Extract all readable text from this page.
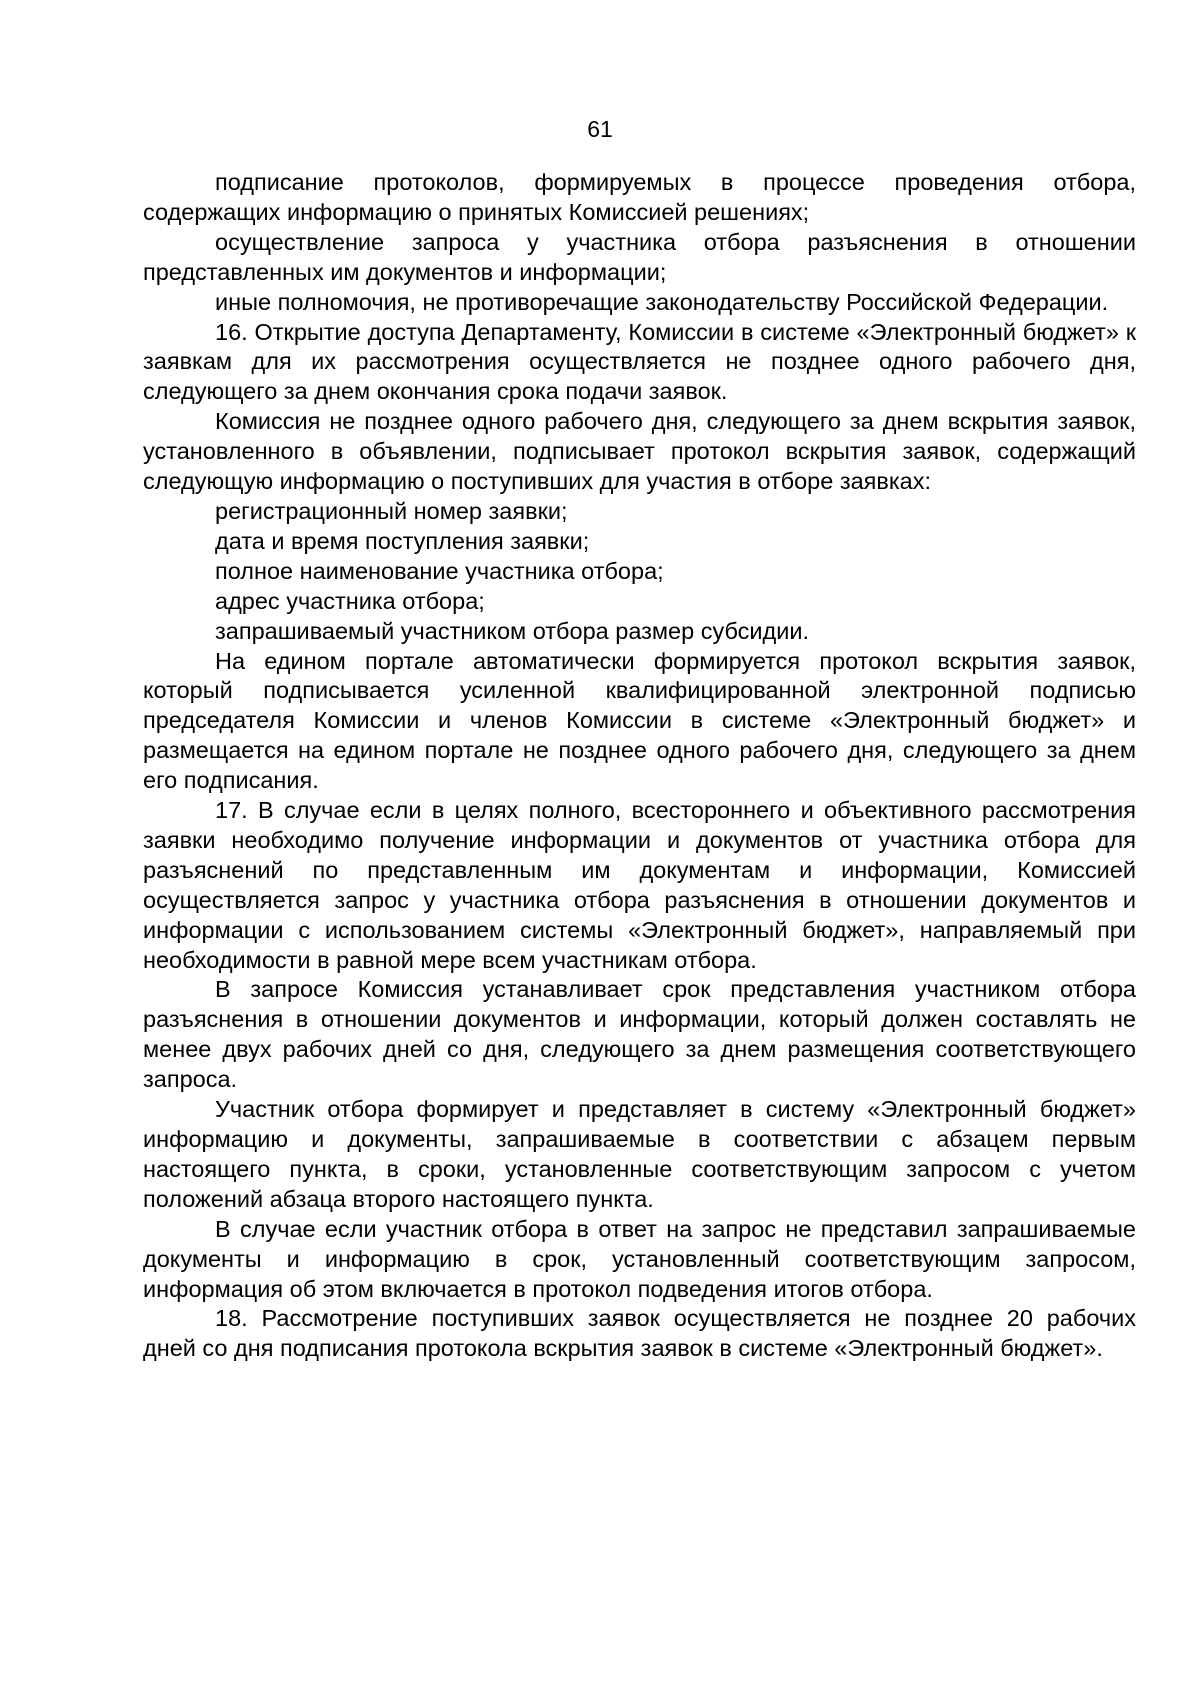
61

подписание протоколов, формируемых в процессе проведения отбора, содержащих информацию о принятых Комиссией решениях;

осуществление запроса у участника отбора разъяснения в отношении представленных им документов и информации;

иные полномочия, не противоречащие законодательству Российской Федерации.

16. Открытие доступа Департаменту, Комиссии в системе «Электронный бюджет» к заявкам для их рассмотрения осуществляется не позднее одного рабочего дня, следующего за днем окончания срока подачи заявок.

Комиссия не позднее одного рабочего дня, следующего за днем вскрытия заявок, установленного в объявлении, подписывает протокол вскрытия заявок, содержащий следующую информацию о поступивших для участия в отборе заявках:

регистрационный номер заявки;

дата и время поступления заявки;

полное наименование участника отбора;

адрес участника отбора;

запрашиваемый участником отбора размер субсидии.

На едином портале автоматически формируется протокол вскрытия заявок, который подписывается усиленной квалифицированной электронной подписью председателя Комиссии и членов Комиссии в системе «Электронный бюджет» и размещается на едином портале не позднее одного рабочего дня, следующего за днем его подписания.

17. В случае если в целях полного, всестороннего и объективного рассмотрения заявки необходимо получение информации и документов от участника отбора для разъяснений по представленным им документам и информации, Комиссией осуществляется запрос у участника отбора разъяснения в отношении документов и информации с использованием системы «Электронный бюджет», направляемый при необходимости в равной мере всем участникам отбора.

В запросе Комиссия устанавливает срок представления участником отбора разъяснения в отношении документов и информации, который должен составлять не менее двух рабочих дней со дня, следующего за днем размещения соответствующего запроса.

Участник отбора формирует и представляет в систему «Электронный бюджет» информацию и документы, запрашиваемые в соответствии с абзацем первым настоящего пункта, в сроки, установленные соответствующим запросом с учетом положений абзаца второго настоящего пункта.

В случае если участник отбора в ответ на запрос не представил запрашиваемые документы и информацию в срок, установленный соответствующим запросом, информация об этом включается в протокол подведения итогов отбора.

18. Рассмотрение поступивших заявок осуществляется не позднее 20 рабочих дней со дня подписания протокола вскрытия заявок в системе «Электронный бюджет».
